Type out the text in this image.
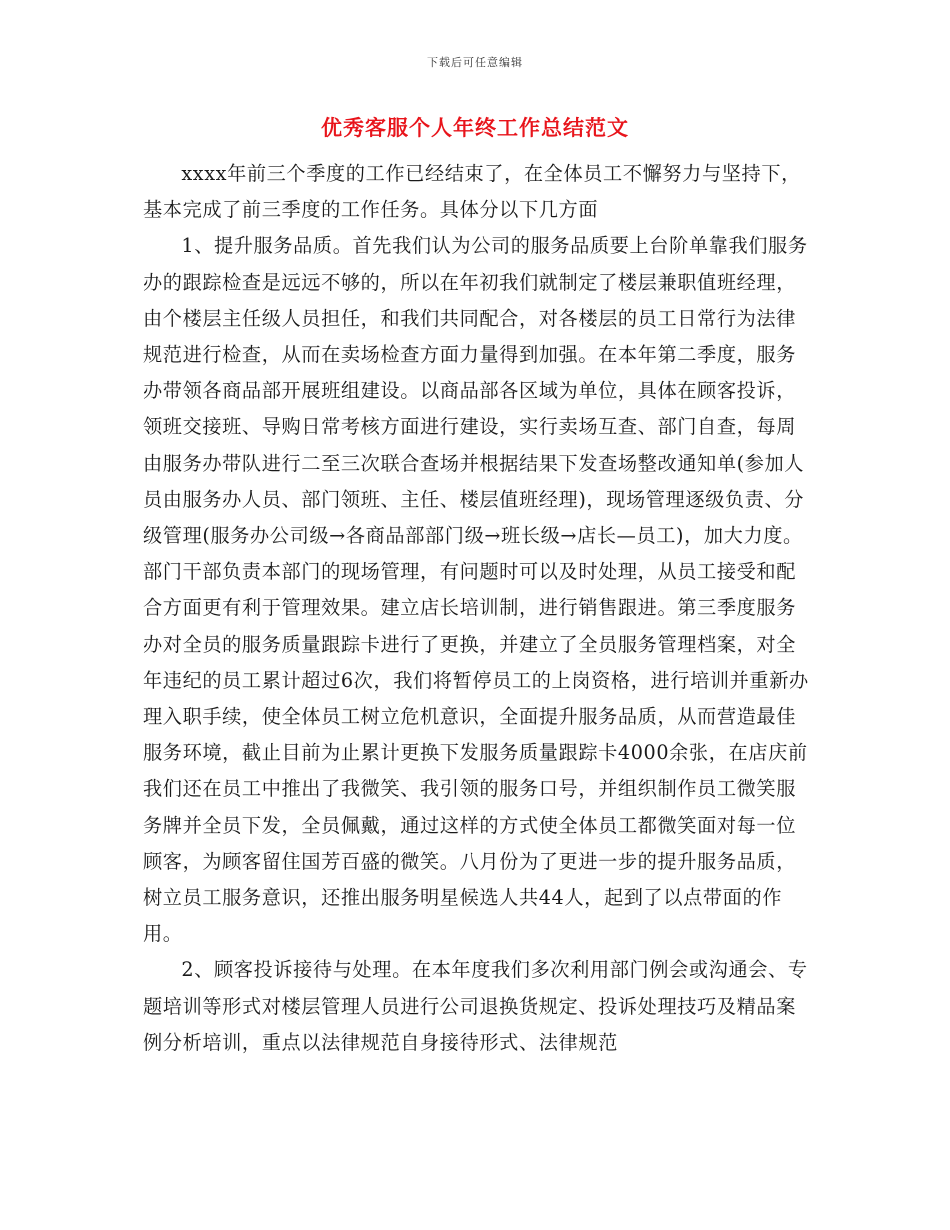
下载后可任意编辑
优秀客服个人年终工作总结范文

xxxx年前三个季度的工作已经结束了，在全体员工不懈努力与坚持下，基本完成了前三季度的工作任务。具体分以下几方面

1、提升服务品质。首先我们认为公司的服务品质要上台阶单靠我们服务办的跟踪检查是远远不够的，所以在年初我们就制定了楼层兼职值班经理，由个楼层主任级人员担任，和我们共同配合，对各楼层的员工日常行为法律规范进行检查，从而在卖场检查方面力量得到加强。在本年第二季度，服务办带领各商品部开展班组建设。以商品部各区域为单位，具体在顾客投诉，领班交接班、导购日常考核方面进行建设，实行卖场互查、部门自查，每周由服务办带队进行二至三次联合查场并根据结果下发查场整改通知单(参加人员由服务办人员、部门领班、主任、楼层值班经理)，现场管理逐级负责、分级管理(服务办公司级→各商品部部门级→班长级→店长—员工)，加大力度。部门干部负责本部门的现场管理，有问题时可以及时处理，从员工接受和配合方面更有利于管理效果。建立店长培训制，进行销售跟进。第三季度服务办对全员的服务质量跟踪卡进行了更换，并建立了全员服务管理档案，对全年违纪的员工累计超过6次，我们将暂停员工的上岗资格，进行培训并重新办理入职手续，使全体员工树立危机意识，全面提升服务品质，从而营造最佳服务环境，截止目前为止累计更换下发服务质量跟踪卡4000余张，在店庆前我们还在员工中推出了我微笑、我引领的服务口号，并组织制作员工微笑服务牌并全员下发，全员佩戴，通过这样的方式使全体员工都微笑面对每一位顾客，为顾客留住国芳百盛的微笑。八月份为了更进一步的提升服务品质，树立员工服务意识，还推出服务明星候选人共44人，起到了以点带面的作用。

2、顾客投诉接待与处理。在本年度我们多次利用部门例会或沟通会、专题培训等形式对楼层管理人员进行公司退换货规定、投诉处理技巧及精品案例分析培训，重点以法律规范自身接待形式、法律规范
